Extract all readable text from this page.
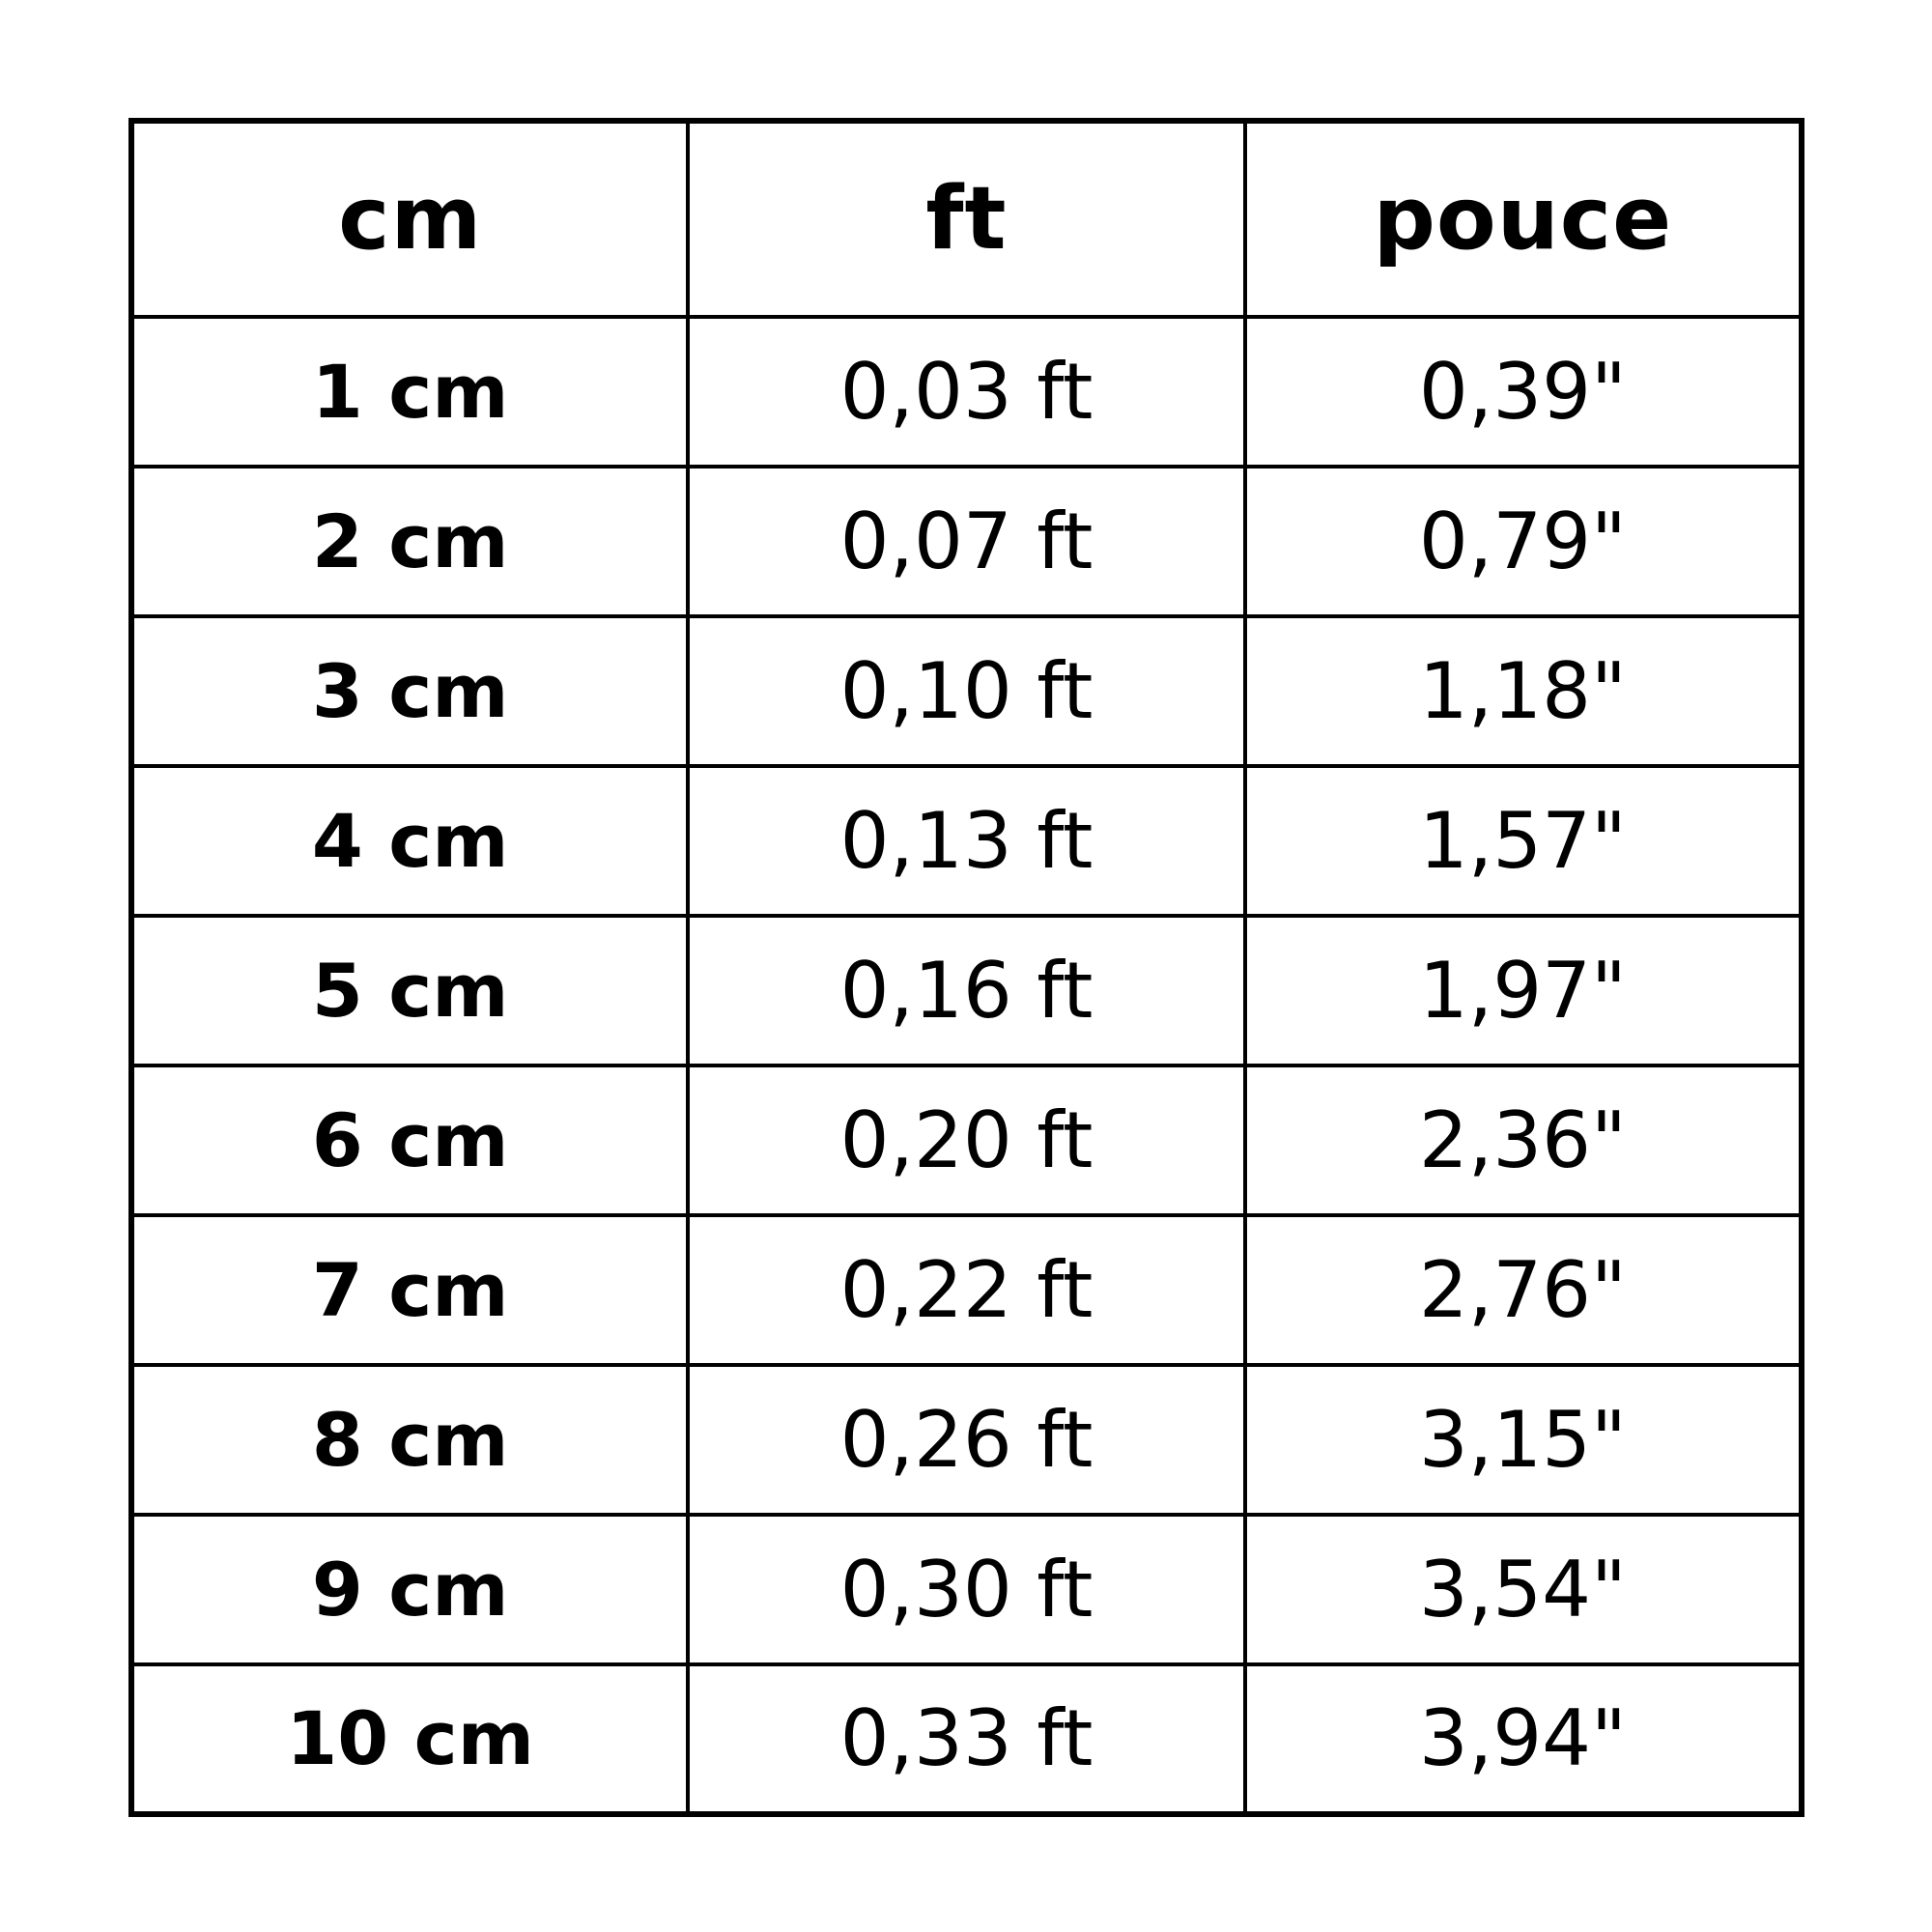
cm	ft	pouce
1 cm	0,03 ft	0,39"
2 cm	0,07 ft	0,79"
3 cm	0,10 ft	1,18"
4 cm	0,13 ft	1,57"
5 cm	0,16 ft	1,97"
6 cm	0,20 ft	2,36"
7 cm	0,22 ft	2,76"
8 cm	0,26 ft	3,15"
9 cm	0,30 ft	3,54"
10 cm	0,33 ft	3,94"
